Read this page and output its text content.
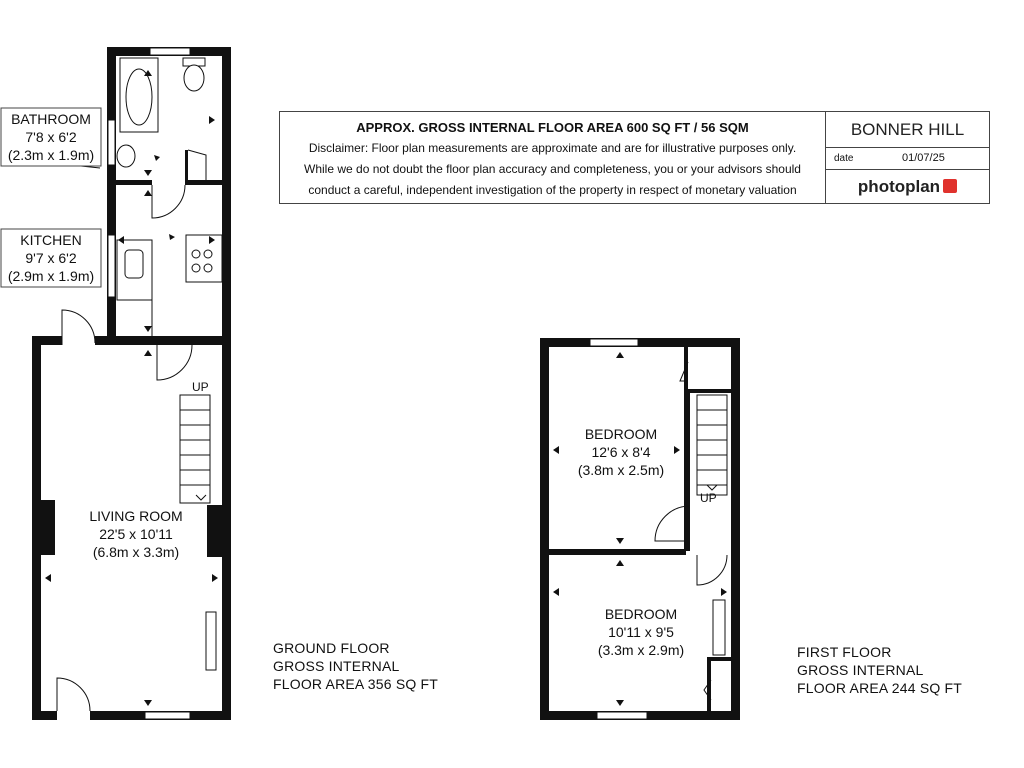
APPROX. GROSS INTERNAL FLOOR AREA 600 SQ FT / 56 SQM
Disclaimer: Floor plan measurements are approximate and are for illustrative purposes only.
While we do not doubt the floor plan accuracy and completeness, you or your advisors should
conduct a careful, independent investigation of the property in respect of monetary valuation
BONNER HILL
date	01/07/25
photoplan
BATHROOM
7'8 x 6'2
(2.3m x 1.9m)
KITCHEN
9'7 x 6'2
(2.9m x 1.9m)
UP
LIVING ROOM
22'5 x 10'11
(6.8m x 3.3m)
BEDROOM
12'6 x 8'4
(3.8m x 2.5m)
UP
BEDROOM
10'11 x 9'5
(3.3m x 2.9m)
GROUND FLOOR
GROSS INTERNAL
FLOOR AREA 356 SQ FT
FIRST FLOOR
GROSS INTERNAL
FLOOR AREA 244 SQ FT
